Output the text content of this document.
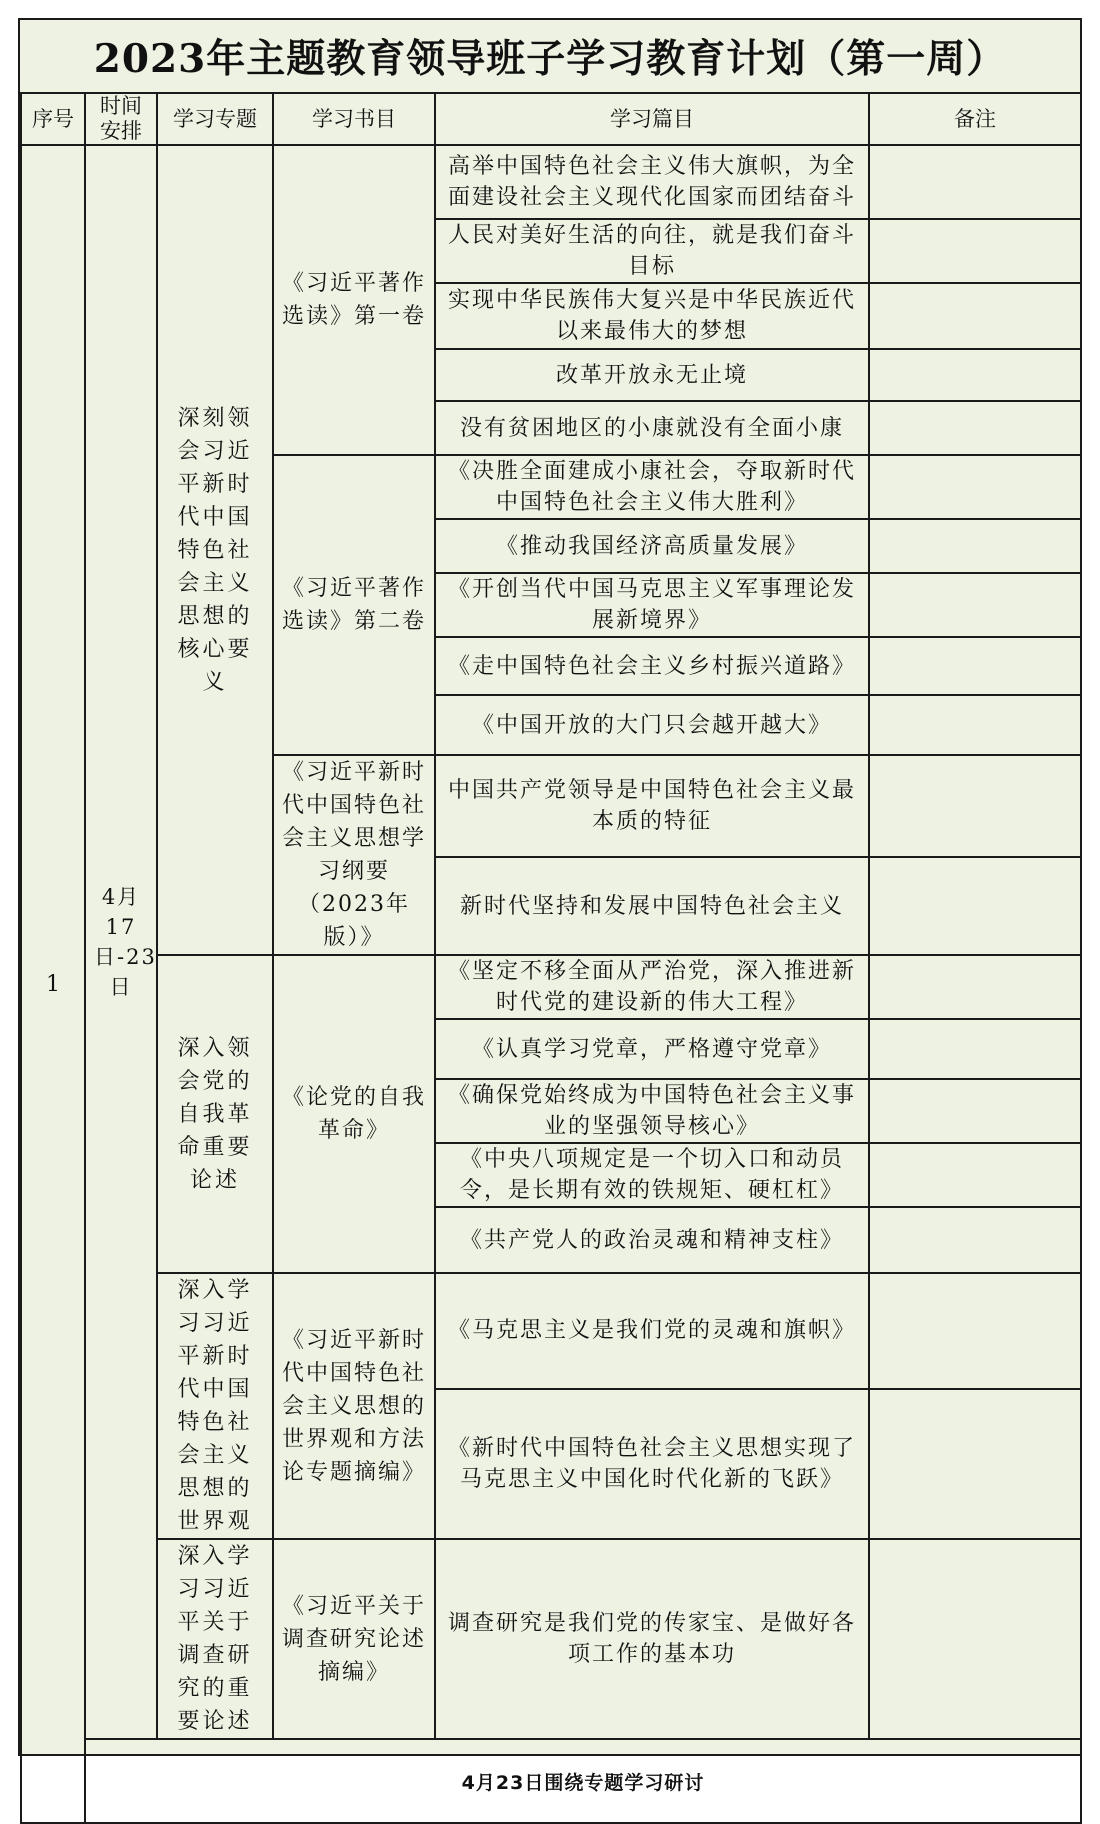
2023年主题教育领导班子学习教育计划（第一周）
序号	时间安排	学习专题	学习书目	学习篇目	备注
1	4月17日-23日	深刻领会习近平新时代中国特色社会主义思想的核心要义	《习近平著作选读》第一卷	高举中国特色社会主义伟大旗帜，为全面建设社会主义现代化国家而团结奋斗	
				人民对美好生活的向往，就是我们奋斗目标	
				实现中华民族伟大复兴是中华民族近代以来最伟大的梦想	
				改革开放永无止境	
				没有贫困地区的小康就没有全面小康	
			《习近平著作选读》第二卷	《决胜全面建成小康社会，夺取新时代中国特色社会主义伟大胜利》	
				《推动我国经济高质量发展》	
				《开创当代中国马克思主义军事理论发展新境界》	
				《走中国特色社会主义乡村振兴道路》	
				《中国开放的大门只会越开越大》	
			《习近平新时代中国特色社会主义思想学习纲要（2023年版）》	中国共产党领导是中国特色社会主义最本质的特征	
				新时代坚持和发展中国特色社会主义	
		深入领会党的自我革命重要论述	《论党的自我革命》	《坚定不移全面从严治党，深入推进新时代党的建设新的伟大工程》	
				《认真学习党章，严格遵守党章》	
				《确保党始终成为中国特色社会主义事业的坚强领导核心》	
				《中央八项规定是一个切入口和动员令，是长期有效的铁规矩、硬杠杠》	
				《共产党人的政治灵魂和精神支柱》	
		深入学习习近平新时代中国特色社会主义思想的世界观	《习近平新时代中国特色社会主义思想的世界观和方法论专题摘编》	《马克思主义是我们党的灵魂和旗帜》	
				《新时代中国特色社会主义思想实现了马克思主义中国化时代化新的飞跃》	
		深入学习习近平关于调查研究的重要论述	《习近平关于调查研究论述摘编》	调查研究是我们党的传家宝、是做好各项工作的基本功	
	4月23日围绕专题学习研讨				
